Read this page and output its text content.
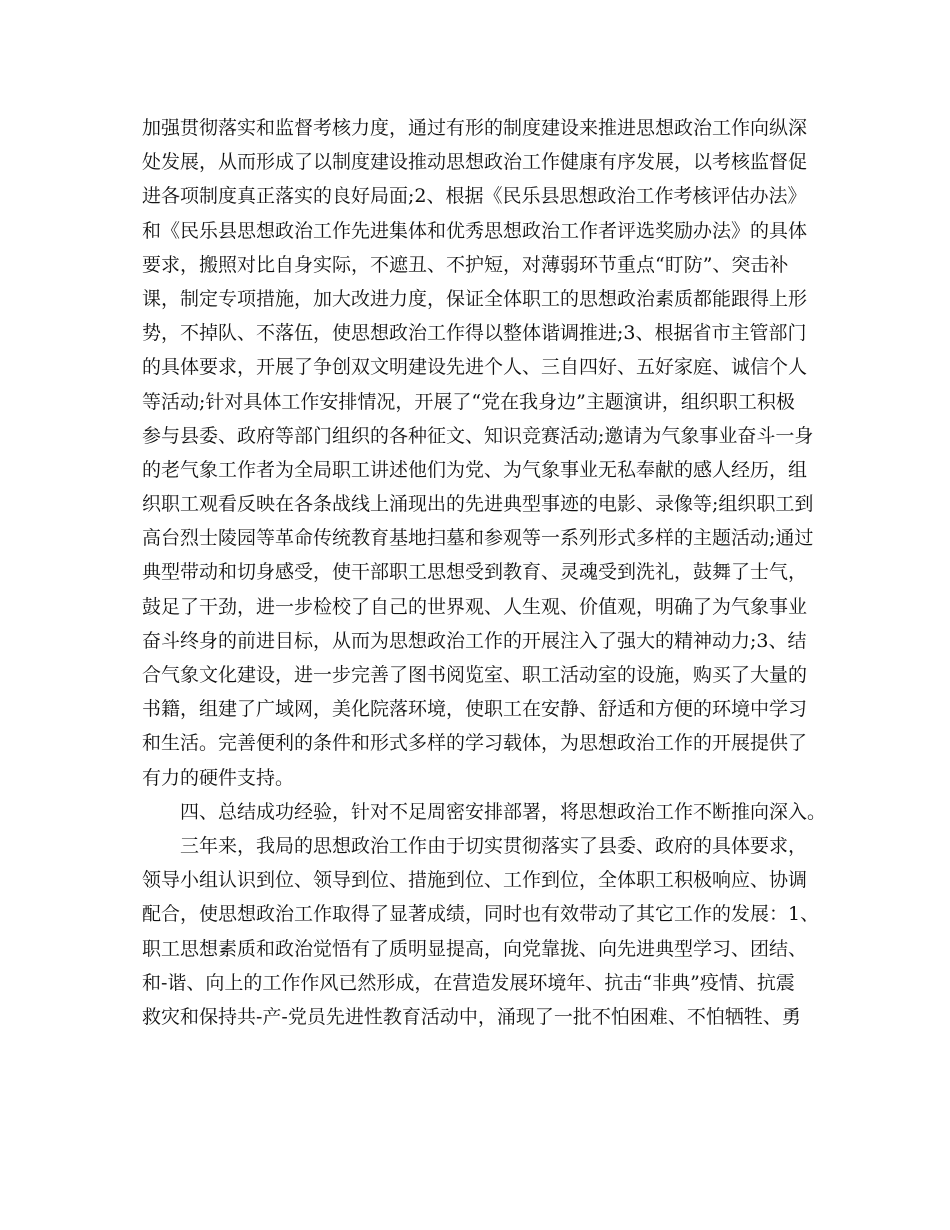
加强贯彻落实和监督考核力度，通过有形的制度建设来推进思想政治工作向纵深
处发展，从而形成了以制度建设推动思想政治工作健康有序发展，以考核监督促
进各项制度真正落实的良好局面;2、根据《民乐县思想政治工作考核评估办法》
和《民乐县思想政治工作先进集体和优秀思想政治工作者评选奖励办法》的具体
要求，搬照对比自身实际，不遮丑、不护短，对薄弱环节重点“盯防”、突击补
课，制定专项措施，加大改进力度，保证全体职工的思想政治素质都能跟得上形
势，不掉队、不落伍，使思想政治工作得以整体谐调推进;3、根据省市主管部门
的具体要求，开展了争创双文明建设先进个人、三自四好、五好家庭、诚信个人
等活动;针对具体工作安排情况，开展了“党在我身边”主题演讲，组织职工积极
参与县委、政府等部门组织的各种征文、知识竞赛活动;邀请为气象事业奋斗一身
的老气象工作者为全局职工讲述他们为党、为气象事业无私奉献的感人经历，组
织职工观看反映在各条战线上涌现出的先进典型事迹的电影、录像等;组织职工到
高台烈士陵园等革命传统教育基地扫墓和参观等一系列形式多样的主题活动;通过
典型带动和切身感受，使干部职工思想受到教育、灵魂受到洗礼，鼓舞了士气，
鼓足了干劲，进一步检校了自己的世界观、人生观、价值观，明确了为气象事业
奋斗终身的前进目标，从而为思想政治工作的开展注入了强大的精神动力;3、结
合气象文化建设，进一步完善了图书阅览室、职工活动室的设施，购买了大量的
书籍，组建了广域网，美化院落环境，使职工在安静、舒适和方便的环境中学习
和生活。完善便利的条件和形式多样的学习载体，为思想政治工作的开展提供了
有力的硬件支持。
　　四、总结成功经验，针对不足周密安排部署，将思想政治工作不断推向深入。
　　三年来，我局的思想政治工作由于切实贯彻落实了县委、政府的具体要求，
领导小组认识到位、领导到位、措施到位、工作到位，全体职工积极响应、协调
配合，使思想政治工作取得了显著成绩，同时也有效带动了其它工作的发展：1、
职工思想素质和政治觉悟有了质明显提高，向党靠拢、向先进典型学习、团结、
和-谐、向上的工作作风已然形成，在营造发展环境年、抗击“非典”疫情、抗震
救灾和保持共-产-党员先进性教育活动中，涌现了一批不怕困难、不怕牺牲、勇
